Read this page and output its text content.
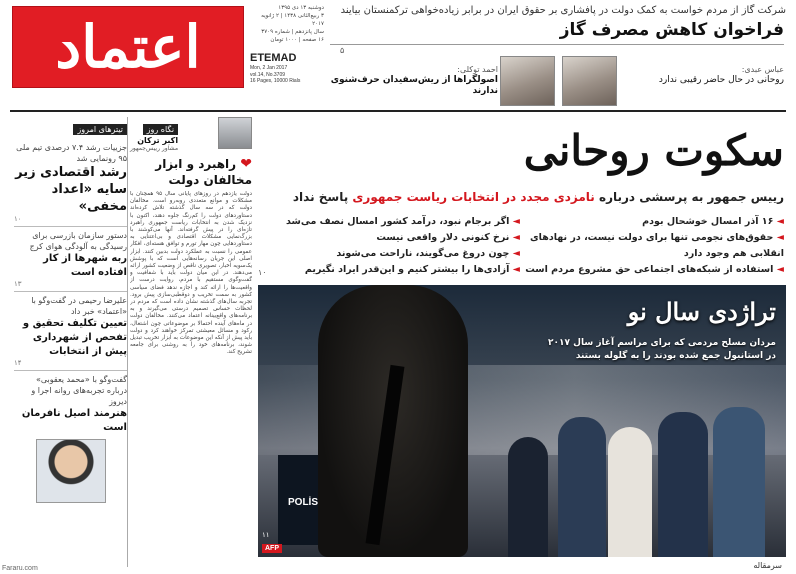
اعتماد
دوشنبه ۱۳ دی ۱۳۹۵
۳ ربیع‌الثانی ۱۴۳۸ | ۲ ژانویه ۲۰۱۷
سال پانزدهم | شماره ۳۷۰۹
۱۶ صفحه | ۱۰۰۰ تومان
ETEMAD
Mon, 2 Jan 2017
vol.14, No.3709
16 Pages, 10000 Rials
شرکت گاز از مردم خواست به کمک دولت در پافشاری بر حقوق ایران در برابر زیاده‌خواهی ترکمنستان بیایند
فراخوان کاهش مصرف گاز
۵
عباس عبدی:
روحانی در حال حاضر رقیبی ندارد
احمد توکلی:
اصولگراها از ریش‌سفیدان حرف‌شنوی ندارند
تیترهای امروز
جزییات رشد ۷.۴ درصدی تیم ملی ۹۵ رونمایی شد
رشد اقتصادی زیر سایه «اعداد مخفی»
۱۰
دستور سازمان بازرسی برای رسیدگی به آلودگی هوای کرج
ربه شهرها از کار افتاده است
۱۳
علیرضا رحیمی در گفت‌وگو با «اعتماد» خبر داد
تعیین تکلیف تحقیق و تفحص از شهرداری پیش از انتخابات
۱۴
گفت‌وگو با «محمد یعقوبی» درباره تجربه‌های روانه اجرا و دیروز
هنرمند اصیل نافرمان است
نگاه روز
اکبر ترکان
مشاور رییس‌جمهور
❤ راهبرد و ابزار مخالفان دولت
دولت یازدهم در روزهای پایانی سال ۹۵ همچنان با مشکلات و موانع متعددی روبه‌رو است. مخالفان دولت که در سه سال گذشته تلاش کرده‌اند دستاوردهای دولت را کم‌رنگ جلوه دهند، اکنون با نزدیک شدن به انتخابات ریاست جمهوری راهبرد تازه‌ای را در پیش گرفته‌اند. آنها می‌کوشند با بزرگ‌نمایی مشکلات اقتصادی و بی‌اعتنایی به دستاوردهایی چون مهار تورم و توافق هسته‌ای، افکار عمومی را نسبت به عملکرد دولت بدبین کنند. ابزار اصلی این جریان رسانه‌هایی است که با پوشش یک‌سویه اخبار، تصویری ناقص از وضعیت کشور ارائه می‌دهند. در این میان دولت باید با شفافیت و گفت‌وگوی مستقیم با مردم، روایت درست از واقعیت‌ها را ارائه کند و اجازه ندهد فضای سیاسی کشور به سمت تخریب و دوقطبی‌سازی پیش برود. تجربه سال‌های گذشته نشان داده است که مردم در لحظات حساس تصمیم درستی می‌گیرند و به برنامه‌های واقع‌بینانه اعتماد می‌کنند. مخالفان دولت در ماه‌های آینده احتمالا بر موضوعاتی چون اشتغال، رکود و مسائل معیشتی تمرکز خواهند کرد و دولت باید پیش از آنکه این موضوعات به ابزار تخریب تبدیل شوند، برنامه‌های خود را به روشنی برای جامعه تشریح کند.
سکوت روحانی
رییس جمهور به پرسشی درباره نامزدی مجدد در انتخابات ریاست جمهوری پاسخ نداد
◄ ۱۶ آذر امسال خوشحال بودم
◄ حقوق‌های نجومی تنها برای دولت نیست، در نهادهای انقلابی هم وجود دارد
◄ استفاده از شبکه‌های اجتماعی حق مشروع مردم است
◄ اگر برجام نبود، درآمد کشور امسال نصف می‌شد
◄ نرخ کنونی دلار واقعی نیست
◄ چون دروغ می‌گویند، ناراحت می‌شوند
◄ آزادی‌ها را بیشتر کنیم و این‌قدر ایراد نگیریم
۱۰
POLİS
تراژدی سال نو
مردان مسلح مردمی که برای مراسم آغاز سال ۲۰۱۷ در استانبول جمع شده بودند را به گلوله بستند
۱۱
AFP
سرمقاله
Fararu.com
